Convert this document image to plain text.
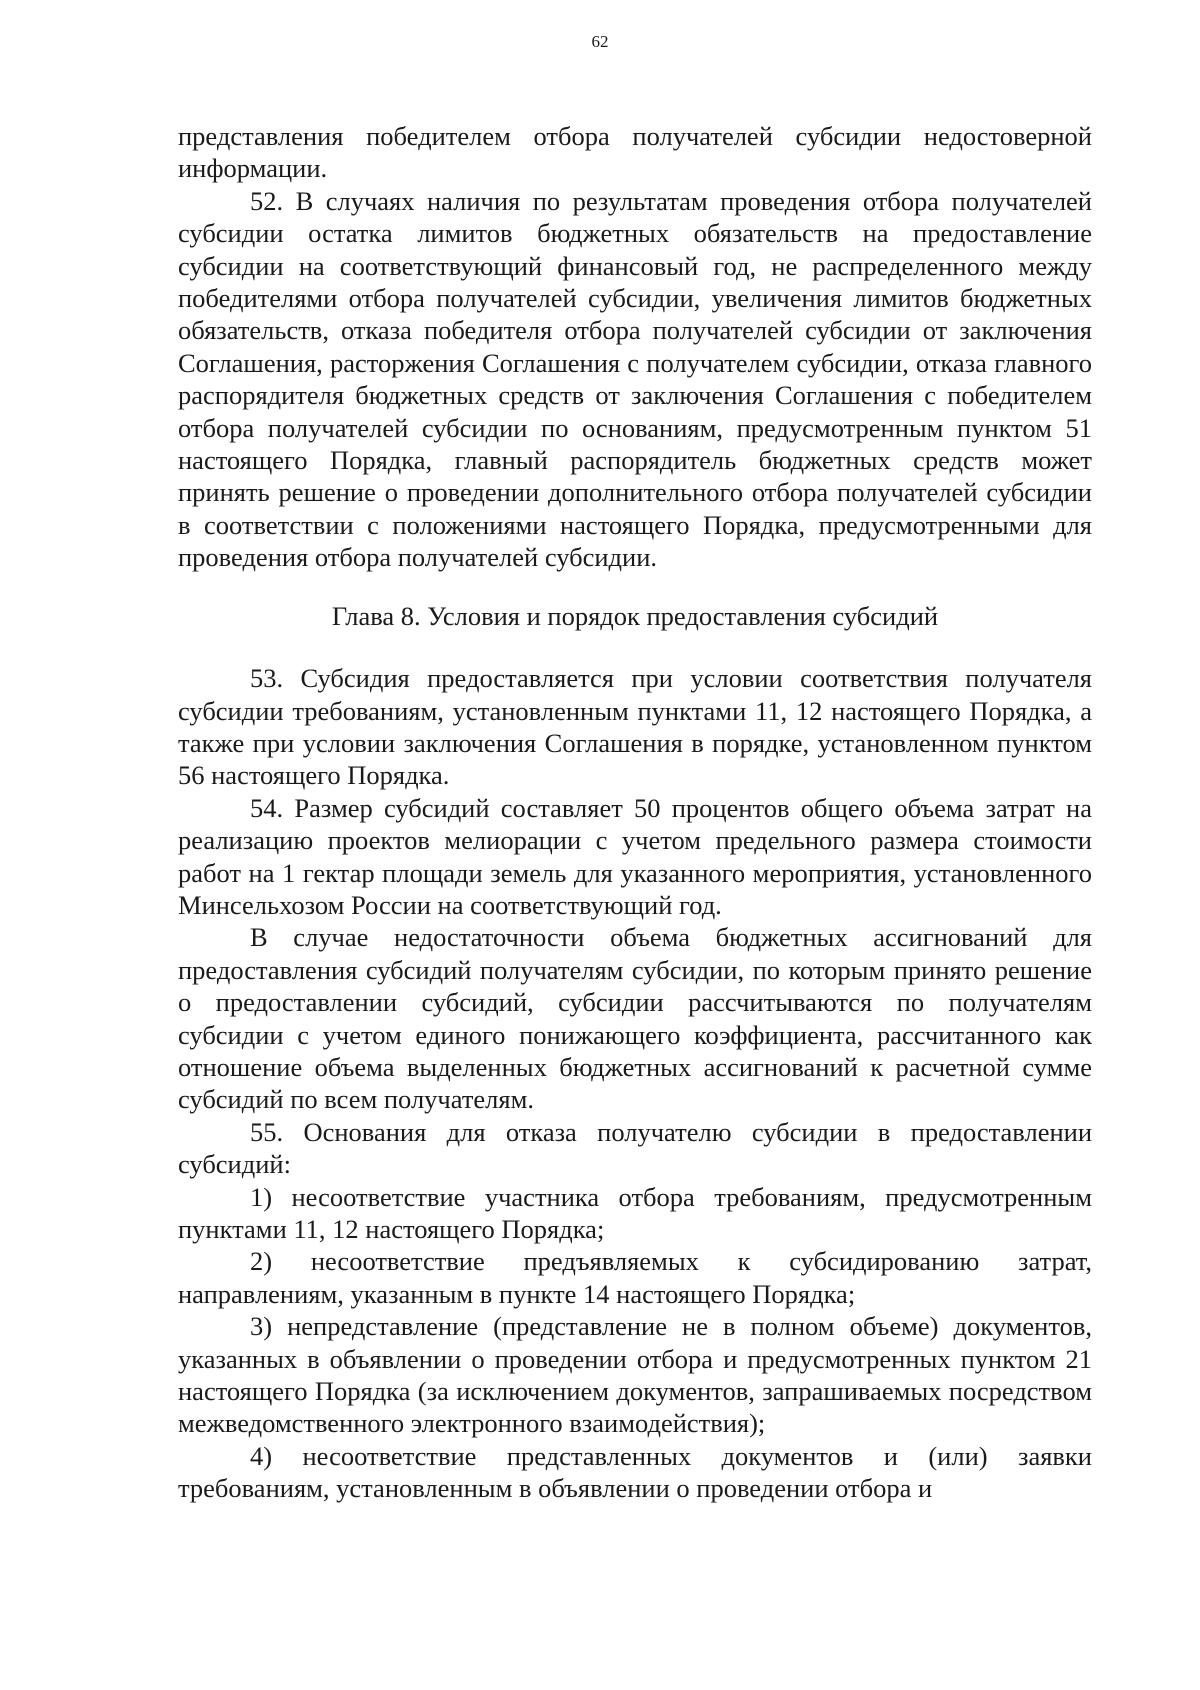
62

представления победителем отбора получателей субсидии недостоверной информации.

52. В случаях наличия по результатам проведения отбора получателей субсидии остатка лимитов бюджетных обязательств на предоставление субсидии на соответствующий финансовый год, не распределенного между победителями отбора получателей субсидии, увеличения лимитов бюджетных обязательств, отказа победителя отбора получателей субсидии от заключения Соглашения, расторжения Соглашения с получателем субсидии, отказа главного распорядителя бюджетных средств от заключения Соглашения с победителем отбора получателей субсидии по основаниям, предусмотренным пунктом 51 настоящего Порядка, главный распорядитель бюджетных средств может принять решение о проведении дополнительного отбора получателей субсидии в соответствии с положениями настоящего Порядка, предусмотренными для проведения отбора получателей субсидии.

Глава 8. Условия и порядок предоставления субсидий

53. Субсидия предоставляется при условии соответствия получателя субсидии требованиям, установленным пунктами 11, 12 настоящего Порядка, а также при условии заключения Соглашения в порядке, установленном пунктом 56 настоящего Порядка.

54. Размер субсидий составляет 50 процентов общего объема затрат на реализацию проектов мелиорации с учетом предельного размера стоимости работ на 1 гектар площади земель для указанного мероприятия, установленного Минсельхозом России на соответствующий год.

В случае недостаточности объема бюджетных ассигнований для предоставления субсидий получателям субсидии, по которым принято решение о предоставлении субсидий, субсидии рассчитываются по получателям субсидии с учетом единого понижающего коэффициента, рассчитанного как отношение объема выделенных бюджетных ассигнований к расчетной сумме субсидий по всем получателям.

55. Основания для отказа получателю субсидии в предоставлении субсидий:

1) несоответствие участника отбора требованиям, предусмотренным пунктами 11, 12 настоящего Порядка;

2) несоответствие предъявляемых к субсидированию затрат, направлениям, указанным в пункте 14 настоящего Порядка;

3) непредставление (представление не в полном объеме) документов, указанных в объявлении о проведении отбора и предусмотренных пунктом 21 настоящего Порядка (за исключением документов, запрашиваемых посредством межведомственного электронного взаимодействия);

4) несоответствие представленных документов и (или) заявки требованиям, установленным в объявлении о проведении отбора и
